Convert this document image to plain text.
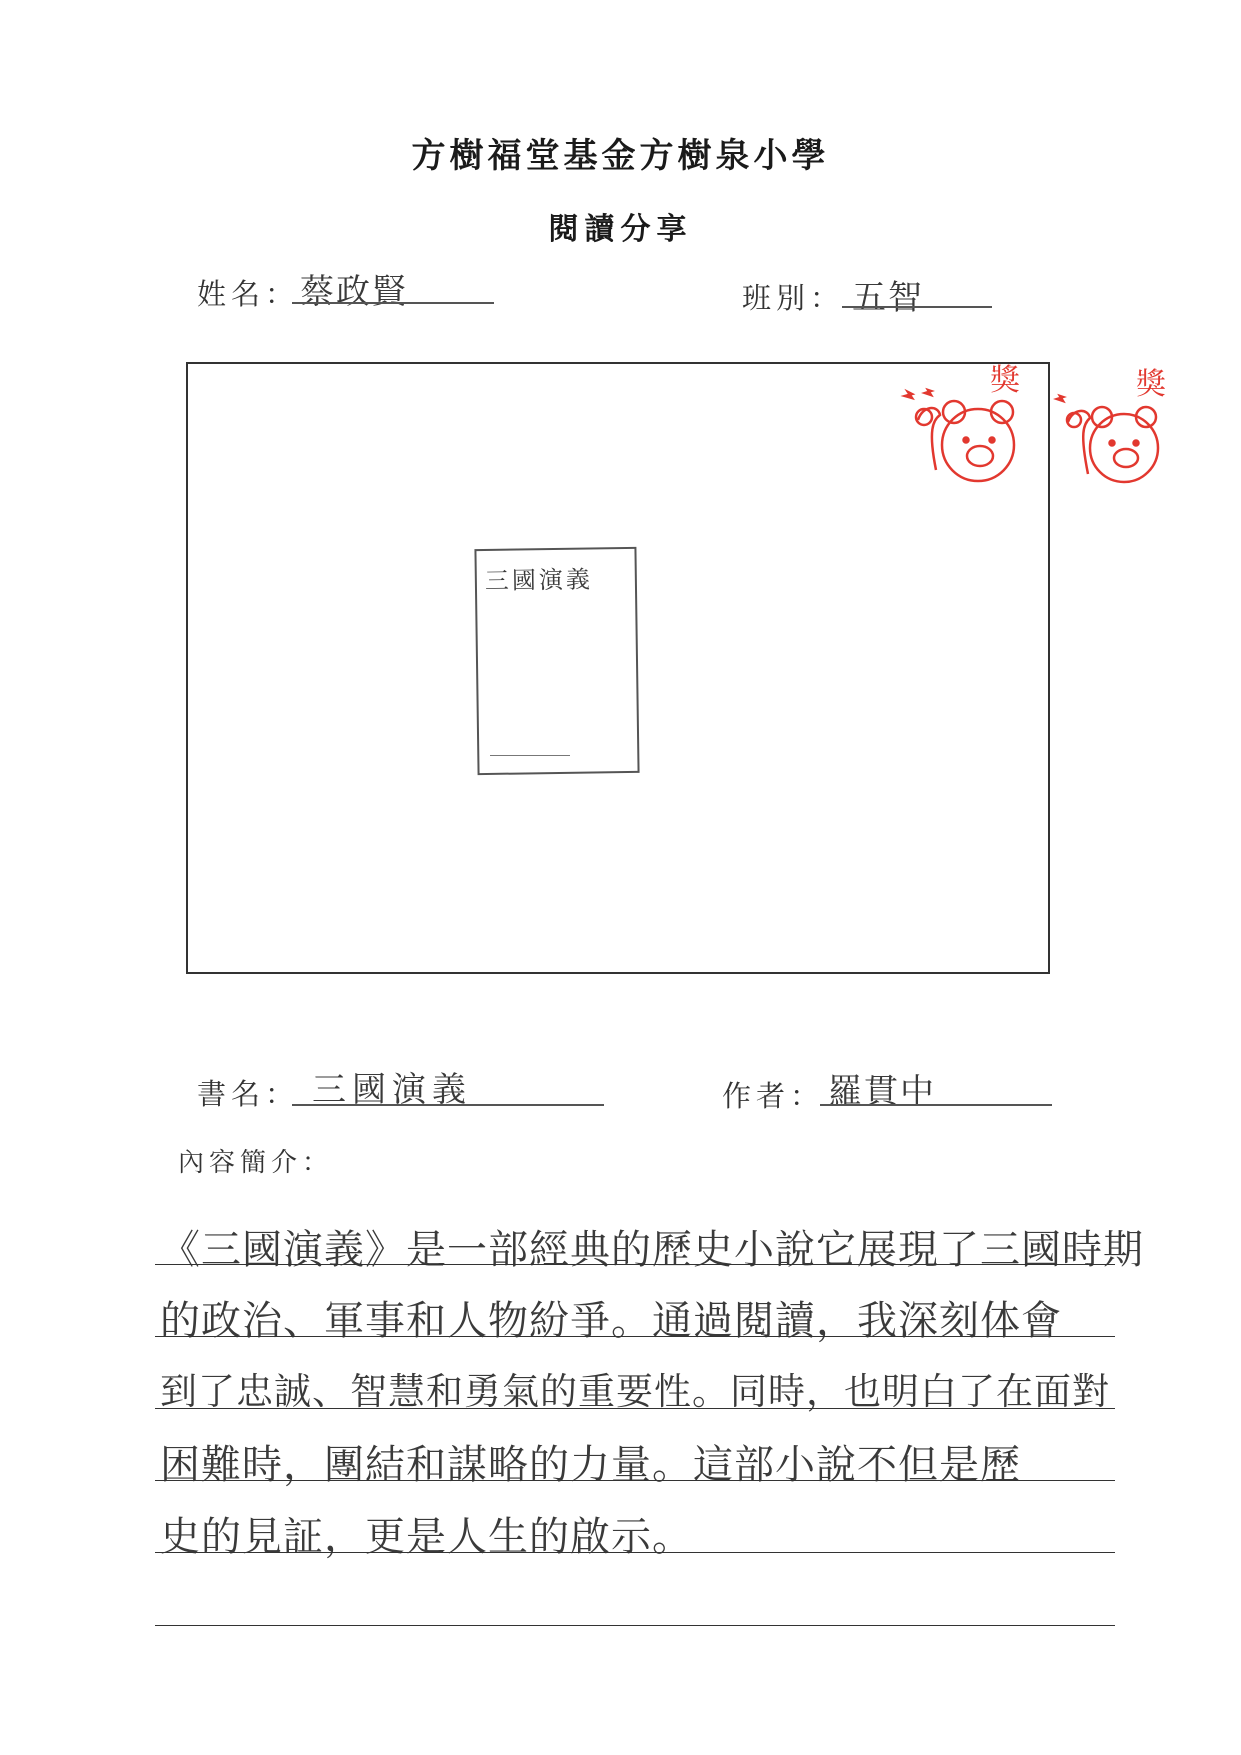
方樹福堂基金方樹泉小學
閱讀分享
姓名： 蔡政賢	班別： 五智
三國演義
獎	獎
書名： 三國演義	作者： 羅貫中
內容簡介：
《三國演義》是一部經典的歷史小說它展現了三國時期
的政治、軍事和人物紛爭。通過閱讀，我深刻体會
到了忠誠、智慧和勇氣的重要性。同時，也明白了在面對
困難時，團結和謀略的力量。這部小說不但是歷
史的見証，更是人生的啟示。
